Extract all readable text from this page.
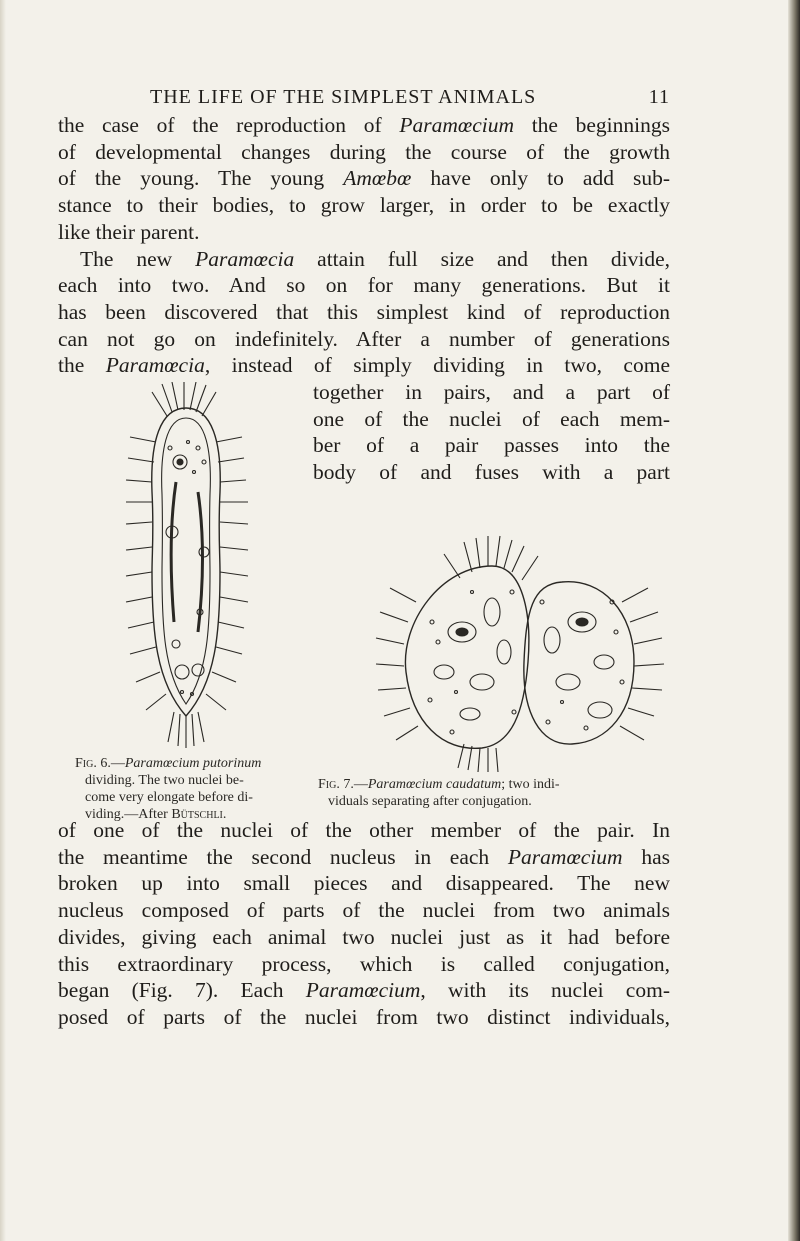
THE LIFE OF THE SIMPLEST ANIMALS	11
the case of the reproduction of Paramœcium the beginnings
of developmental changes during the course of the growth
of the young. The young Amœbœ have only to add sub-
stance to their bodies, to grow larger, in order to be exactly
like their parent.
The new Paramœcia attain full size and then divide,
each into two. And so on for many generations. But it
has been discovered that this simplest kind of reproduction
can not go on indefinitely. After a number of generations
the Paramœcia, instead of simply dividing in two, come
together in pairs, and a part of
one of the nuclei of each mem-
ber of a pair passes into the
body of and fuses with a part
Fig. 6.—Paramœcium putorinum
dividing. The two nuclei be-
come very elongate before di-
viding.—After Bütschli.
Fig. 7.—Paramœcium caudatum; two indi-
viduals separating after conjugation.
of one of the nuclei of the other member of the pair. In
the meantime the second nucleus in each Paramœcium has
broken up into small pieces and disappeared. The new
nucleus composed of parts of the nuclei from two animals
divides, giving each animal two nuclei just as it had before
this extraordinary process, which is called conjugation,
began (Fig. 7). Each Paramœcium, with its nuclei com-
posed of parts of the nuclei from two distinct individuals,
